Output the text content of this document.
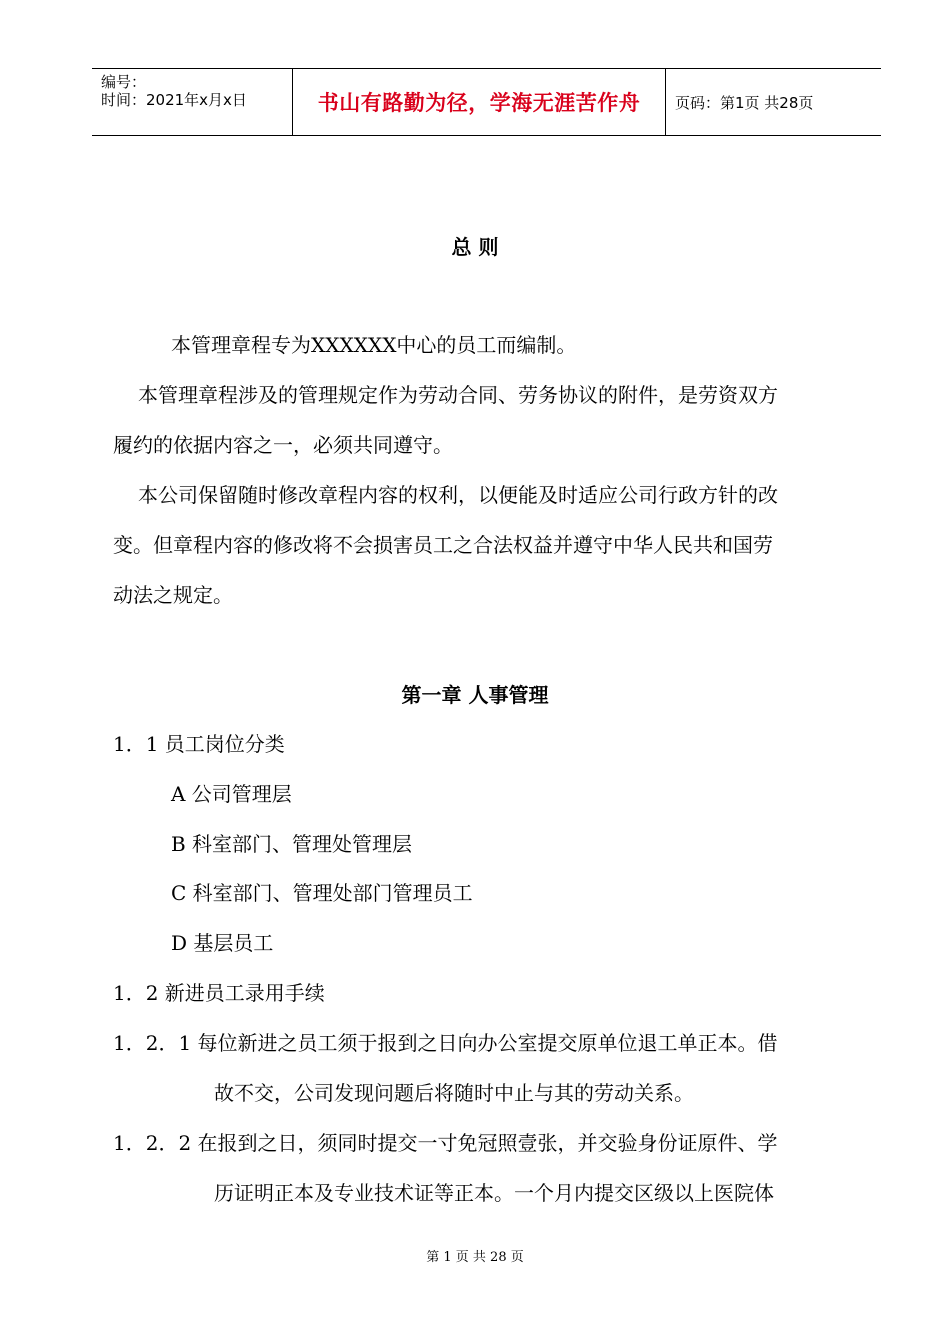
编号：
时间：2021年x月x日	书山有路勤为径，学海无涯苦作舟 页码：第1页 共28页
总 则
本管理章程专为XXXXXX中心的员工而编制。
本管理章程涉及的管理规定作为劳动合同、劳务协议的附件，是劳资双方
履约的依据内容之一，必须共同遵守。
本公司保留随时修改章程内容的权利，以便能及时适应公司行政方针的改
变。但章程内容的修改将不会损害员工之合法权益并遵守中华人民共和国劳
动法之规定。
第一章 人事管理
1．1 员工岗位分类
A 公司管理层
B 科室部门、管理处管理层
C 科室部门、管理处部门管理员工
D 基层员工
1．2 新进员工录用手续
1．2．1 每位新进之员工须于报到之日向办公室提交原单位退工单正本。借
故不交，公司发现问题后将随时中止与其的劳动关系。
1．2．2 在报到之日，须同时提交一寸免冠照壹张，并交验身份证原件、学
历证明正本及专业技术证等正本。一个月内提交区级以上医院体
第 1 页 共 28 页
